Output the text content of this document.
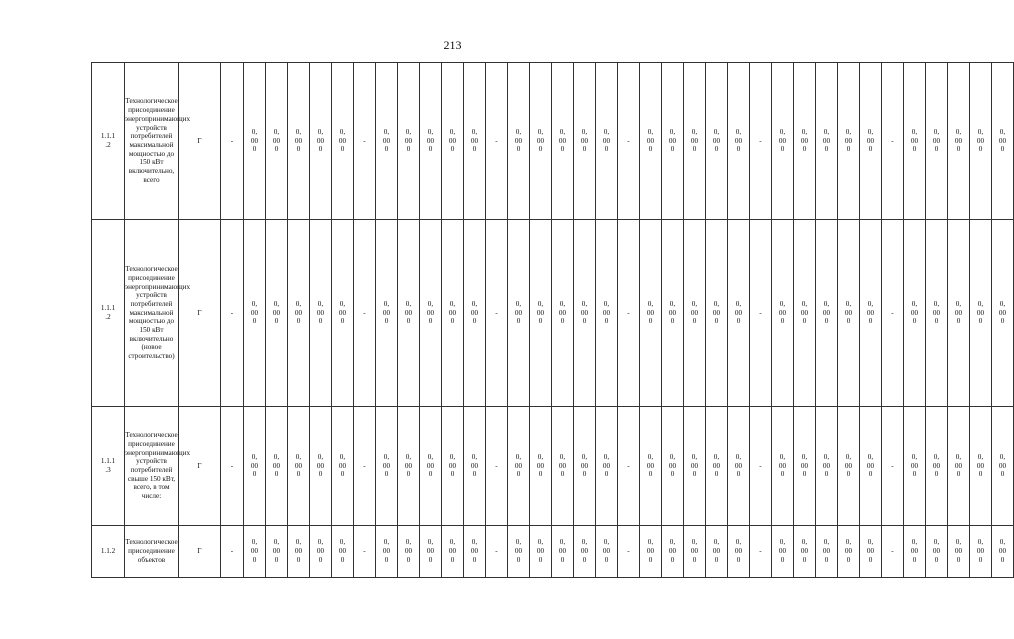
213
1.1.1
.2	Технологическое присоединение энергопринимающих устройств потребителей максимальной мощностью до 150 кВт включительно, всего	Г	-	0,
00
0	0,
00
0	0,
00
0	0,
00
0	0,
00
0	-	0,
00
0	0,
00
0	0,
00
0	0,
00
0	0,
00
0	-	0,
00
0	0,
00
0	0,
00
0	0,
00
0	0,
00
0	-	0,
00
0	0,
00
0	0,
00
0	0,
00
0	0,
00
0	-	0,
00
0	0,
00
0	0,
00
0	0,
00
0	0,
00
0	-	0,
00
0	0,
00
0	0,
00
0	0,
00
0	0,
00
0

1.1.1
.2	Технологическое присоединение энергопринимающих устройств потребителей максимальной мощностью до 150 кВт включительно (новое строительство)	Г	-	0,
00
0	0,
00
0	0,
00
0	0,
00
0	0,
00
0	-	0,
00
0	0,
00
0	0,
00
0	0,
00
0	0,
00
0	-	0,
00
0	0,
00
0	0,
00
0	0,
00
0	0,
00
0	-	0,
00
0	0,
00
0	0,
00
0	0,
00
0	0,
00
0	-	0,
00
0	0,
00
0	0,
00
0	0,
00
0	0,
00
0	-	0,
00
0	0,
00
0	0,
00
0	0,
00
0	0,
00
0

1.1.1
.3	Технологическое присоединение энергопринимающих устройств потребителей свыше 150 кВт, всего, в том числе:	Г	-	0,
00
0	0,
00
0	0,
00
0	0,
00
0	0,
00
0	-	0,
00
0	0,
00
0	0,
00
0	0,
00
0	0,
00
0	-	0,
00
0	0,
00
0	0,
00
0	0,
00
0	0,
00
0	-	0,
00
0	0,
00
0	0,
00
0	0,
00
0	0,
00
0	-	0,
00
0	0,
00
0	0,
00
0	0,
00
0	0,
00
0	-	0,
00
0	0,
00
0	0,
00
0	0,
00
0	0,
00
0

1.1.2	Технологическое присоединение объектов	Г	-	0,
00
0	0,
00
0	0,
00
0	0,
00
0	0,
00
0	-	0,
00
0	0,
00
0	0,
00
0	0,
00
0	0,
00
0	-	0,
00
0	0,
00
0	0,
00
0	0,
00
0	0,
00
0	-	0,
00
0	0,
00
0	0,
00
0	0,
00
0	0,
00
0	-	0,
00
0	0,
00
0	0,
00
0	0,
00
0	0,
00
0	-	0,
00
0	0,
00
0	0,
00
0	0,
00
0	0,
00
0
